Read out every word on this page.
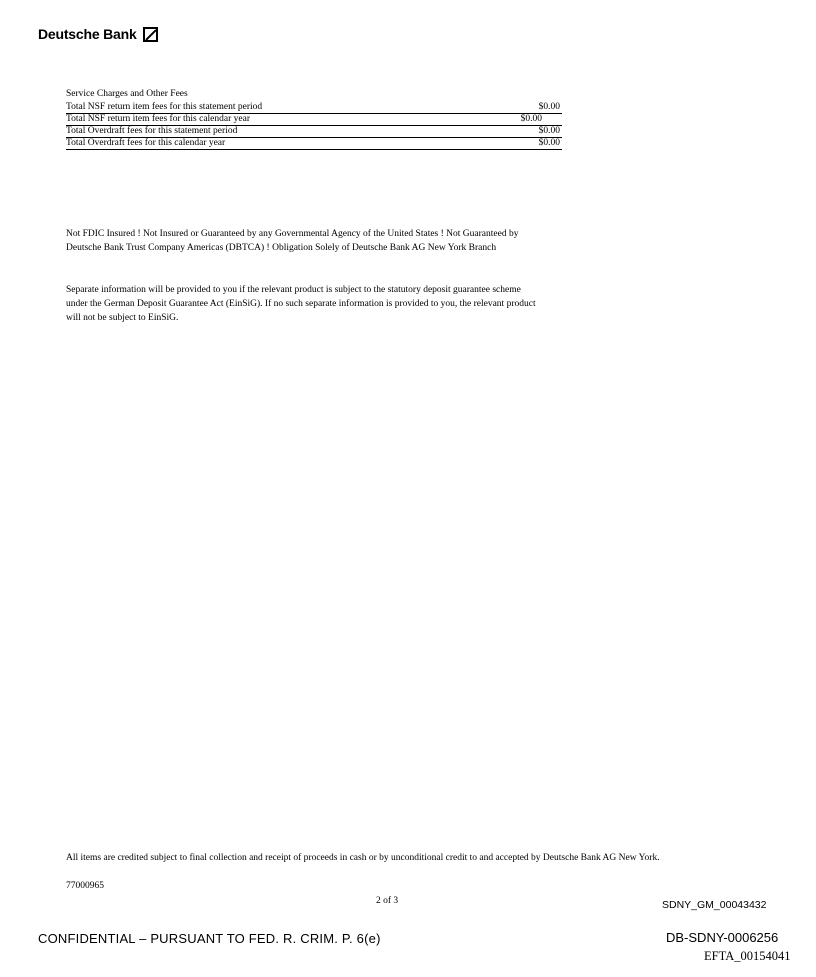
Deutsche Bank
Service Charges and Other Fees
Total NSF return item fees for this statement period	$0.00
Total NSF return item fees for this calendar year	$0.00
Total Overdraft fees for this statement period	$0.00
Total Overdraft fees for this calendar year	$0.00

Not FDIC Insured ! Not Insured or Guaranteed by any Governmental Agency of the United States ! Not Guaranteed by Deutsche Bank Trust Company Americas (DBTCA) ! Obligation Solely of Deutsche Bank AG New York Branch

Separate information will be provided to you if the relevant product is subject to the statutory deposit guarantee scheme under the German Deposit Guarantee Act (EinSiG). If no such separate information is provided to you, the relevant product will not be subject to EinSiG.

All items are credited subject to final collection and receipt of proceeds in cash or by unconditional credit to and accepted by Deutsche Bank AG New York.
77000965
2 of 3	SDNY_GM_00043432
CONFIDENTIAL – PURSUANT TO FED. R. CRIM. P. 6(e)	DB-SDNY-0006256
EFTA_00154041
